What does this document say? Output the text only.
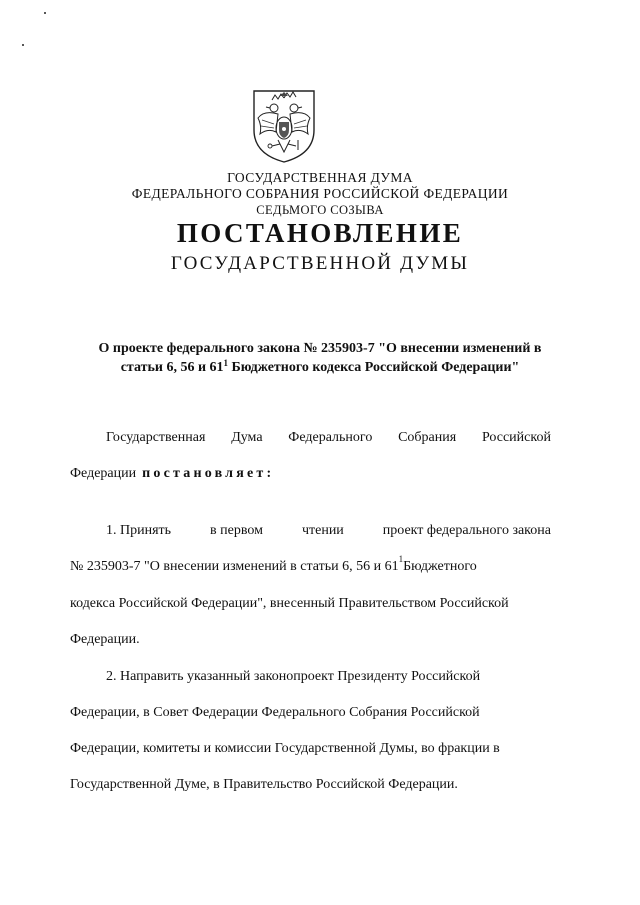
ГОСУДАРСТВЕННАЯ ДУМА
ФЕДЕРАЛЬНОГО СОБРАНИЯ РОССИЙСКОЙ ФЕДЕРАЦИИ
СЕДЬМОГО СОЗЫВА
ПОСТАНОВЛЕНИЕ
ГОСУДАРСТВЕННОЙ ДУМЫ

О проекте федерального закона № 235903-7 "О внесении изменений в

статьи 6, 56 и $61^1$ Бюджетного кодекса Российской Федерации"

Государственная Дума Федерального Собрания Российской
Федерации постановляет:
1. Принять	в первом	чтении	проект федерального закона
№ 235903-7 "О внесении изменений в статьи 6, 56 и 61 1 Бюджетного
кодекса Российской Федерации", внесенный Правительством Российской
Федерации.
2. Направить указанный законопроект Президенту Российской
Федерации, в Совет Федерации Федерального Собрания Российской
Федерации, комитеты и комиссии Государственной Думы, во фракции в
Государственной Думе, в Правительство Российской Федерации.
